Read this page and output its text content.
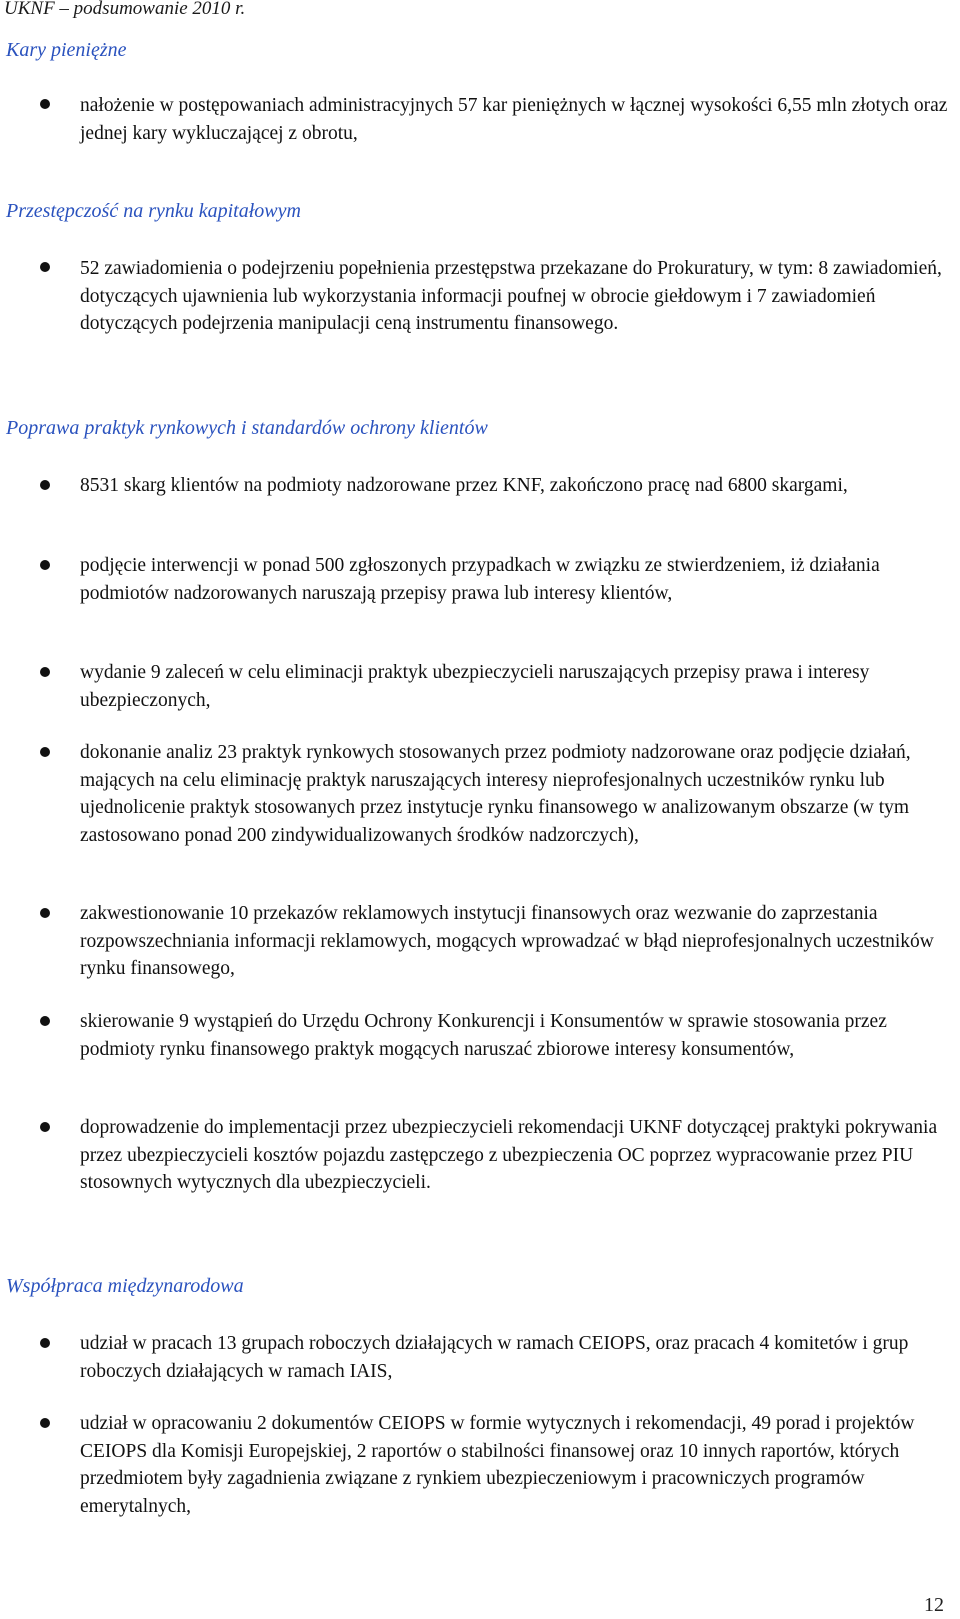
UKNF – podsumowanie 2010 r.
Kary pieniężne
nałożenie w postępowaniach administracyjnych 57 kar pieniężnych w łącznej wysokości 6,55 mln złotych oraz jednej kary wykluczającej z obrotu,
Przestępczość na rynku kapitałowym
52 zawiadomienia o podejrzeniu popełnienia przestępstwa przekazane do Prokuratury, w tym: 8 zawiadomień, dotyczących ujawnienia lub wykorzystania informacji poufnej w obrocie giełdowym i 7 zawiadomień dotyczących podejrzenia manipulacji ceną instrumentu finansowego.
Poprawa praktyk rynkowych i standardów ochrony klientów
8531 skarg klientów na podmioty nadzorowane przez KNF, zakończono pracę nad 6800 skargami,
podjęcie interwencji w ponad 500 zgłoszonych przypadkach w związku ze stwierdzeniem, iż działania podmiotów nadzorowanych naruszają przepisy prawa lub interesy klientów,
wydanie 9 zaleceń w celu eliminacji praktyk ubezpieczycieli naruszających przepisy prawa i interesy ubezpieczonych,
dokonanie analiz 23 praktyk rynkowych stosowanych przez podmioty nadzorowane oraz podjęcie działań, mających na celu eliminację praktyk naruszających interesy nieprofesjonalnych uczestników rynku lub ujednolicenie praktyk stosowanych przez instytucje rynku finansowego w analizowanym obszarze (w tym zastosowano ponad 200 zindywidualizowanych środków nadzorczych),
zakwestionowanie 10 przekazów reklamowych instytucji finansowych oraz wezwanie do zaprzestania rozpowszechniania informacji reklamowych, mogących wprowadzać w błąd nieprofesjonalnych uczestników rynku finansowego,
skierowanie 9 wystąpień do Urzędu Ochrony Konkurencji i Konsumentów w sprawie stosowania przez podmioty rynku finansowego praktyk mogących naruszać zbiorowe interesy konsumentów,
doprowadzenie do implementacji przez ubezpieczycieli rekomendacji UKNF dotyczącej praktyki pokrywania przez ubezpieczycieli kosztów pojazdu zastępczego z ubezpieczenia OC poprzez wypracowanie przez PIU stosownych wytycznych dla ubezpieczycieli.
Współpraca międzynarodowa
udział w pracach 13 grupach roboczych działających w ramach CEIOPS, oraz pracach 4 komitetów i grup roboczych działających w ramach IAIS,
udział w opracowaniu 2 dokumentów CEIOPS w formie wytycznych i rekomendacji, 49 porad i projektów CEIOPS dla Komisji Europejskiej, 2 raportów o stabilności finansowej oraz 10 innych raportów, których przedmiotem były zagadnienia związane z rynkiem ubezpieczeniowym i pracowniczych programów emerytalnych,
12
